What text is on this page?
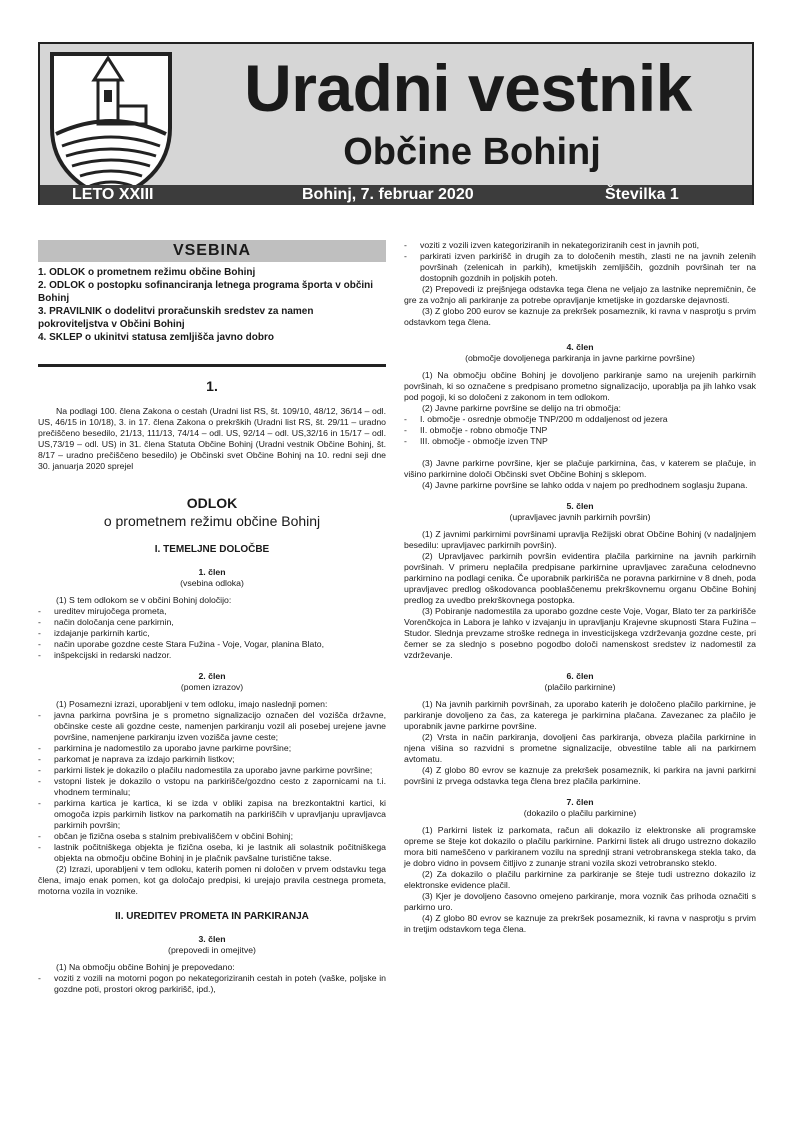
Uradni vestnik
Občine Bohinj
LETO XXIII	Bohinj, 7. februar 2020	Številka 1
VSEBINA
1. ODLOK o prometnem režimu občine Bohinj
2. ODLOK o postopku sofinanciranja letnega programa športa v občini Bohinj
3. PRAVILNIK o dodelitvi proračunskih sredstev za namen pokroviteljstva v Občini Bohinj
4. SKLEP o ukinitvi statusa zemljišča javno dobro
1.

Na podlagi 100. člena Zakona o cestah (Uradni list RS, št. 109/10, 48/12, 36/14 – odl. US, 46/15 in 10/18), 3. in 17. člena Zakona o prekrških (Uradni list RS, št. 29/11 – uradno prečiščeno besedilo, 21/13, 111/13, 74/14 – odl. US, 92/14 – odl. US,32/16 in 15/17 – odl. US,73/19 – odl. US) in 31. člena Statuta Občine Bohinj (Uradni vestnik Občine Bohinj, št. 8/17 – uradno prečiščeno besedilo) je Občinski svet Občine Bohinj na 10. redni seji dne 30. januarja 2020 sprejel

ODLOK
o prometnem režimu občine Bohinj
I. TEMELJNE DOLOČBE
1. člen
(vsebina odloka)

(1) S tem odlokom se v občini Bohinj določijo:

- ureditev mirujočega prometa,
- način določanja cene parkirnin,
- izdajanje parkirnih kartic,
- način uporabe gozdne ceste Stara Fužina - Voje, Vogar, planina Blato,
- inšpekcijski in redarski nadzor.
2. člen
(pomen izrazov)

(1) Posamezni izrazi, uporabljeni v tem odloku, imajo naslednji pomen:

- javna parkirna površina je s prometno signalizacijo označen del vozišča državne, občinske ceste ali gozdne ceste, namenjen parkiranju vozil ali posebej urejene javne površine, namenjene parkiranju izven vozišča javne ceste;
- parkirnina je nadomestilo za uporabo javne parkirne površine;
- parkomat je naprava za izdajo parkirnih listkov;
- parkirni listek je dokazilo o plačilu nadomestila za uporabo javne parkirne površine;
- vstopni listek je dokazilo o vstopu na parkirišče/gozdno cesto z zapornicami na t.i. vhodnem terminalu;
- parkirna kartica je kartica, ki se izda v obliki zapisa na brezkontaktni kartici, ki omogoča izpis parkirnih listkov na parkomatih na parkiriščih v upravljanju upravljavca parkirnih površin;
- občan je fizična oseba s stalnim prebivališčem v občini Bohinj;
- lastnik počitniškega objekta je fizična oseba, ki je lastnik ali solastnik počitniškega objekta na območju občine Bohinj in je plačnik pavšalne turistične takse.

(2) Izrazi, uporabljeni v tem odloku, katerih pomen ni določen v prvem odstavku tega člena, imajo enak pomen, kot ga določajo predpisi, ki urejajo pravila cestnega prometa, motorna vozila in voznike.

II. UREDITEV PROMETA IN PARKIRANJA
3. člen
(prepovedi in omejitve)

(1) Na območju občine Bohinj je prepovedano:

- voziti z vozili na motorni pogon po nekategoriziranih cestah in poteh (vaške, poljske in gozdne poti, prostori okrog parkirišč, ipd.),
- voziti z vozili izven kategoriziranih in nekategoriziranih cest in javnih poti,
- parkirati izven parkirišč in drugih za to določenih mestih, zlasti ne na javnih zelenih površinah (zelenicah in parkih), kmetijskih zemljiščih, gozdnih površinah ter na dostopnih gozdnih in poljskih poteh.

(2) Prepovedi iz prejšnjega odstavka tega člena ne veljajo za lastnike nepremičnin, če gre za vožnjo ali parkiranje za potrebe opravljanje kmetijske in gozdarske dejavnosti.

(3) Z globo 200 eurov se kaznuje za prekršek posameznik, ki ravna v nasprotju s prvim odstavkom tega člena.

4. člen
(območje dovoljenega parkiranja in javne parkirne površine)

(1) Na območju občine Bohinj je dovoljeno parkiranje samo na urejenih parkirnih površinah, ki so označene s predpisano prometno signalizacijo, uporablja pa jih lahko vsak pod pogoji, ki so določeni z zakonom in tem odlokom.

(2) Javne parkirne površine se delijo na tri območja:

- I. območje - osrednje območje TNP/200 m oddaljenost od jezera
- II. območje - robno območje TNP
- III. območje - območje izven TNP

(3) Javne parkirne površine, kjer se plačuje parkirnina, čas, v katerem se plačuje, in višino parkirnine določi Občinski svet Občine Bohinj s sklepom.

(4) Javne parkirne površine se lahko odda v najem po predhodnem soglasju župana.

5. člen
(upravljavec javnih parkirnih površin)

(1) Z javnimi parkirnimi površinami upravlja Režijski obrat Občine Bohinj (v nadaljnjem besedilu: upravljavec parkirnih površin).

(2) Upravljavec parkirnih površin evidentira plačila parkirnine na javnih parkirnih površinah. V primeru neplačila predpisane parkirnine upravljavec zaračuna celodnevno parkirnino na podlagi cenika. Če uporabnik parkirišča ne poravna parkirnine v 8 dneh, poda upravljavec predlog oškodovanca pooblaščenemu prekrškovnemu organu Občine Bohinj predlog za uvedbo prekrškovnega postopka.

(3) Pobiranje nadomestila za uporabo gozdne ceste Voje, Vogar, Blato ter za parkirišče Vorenčkojca in Labora je lahko v izvajanju in upravljanju Krajevne skupnosti Stara Fužina – Studor. Slednja prevzame stroške rednega in investicijskega vzdrževanja gozdne ceste, pri čemer se za slednjo s posebno pogodbo določi namenskost sredstev iz nadomestil za vzdrževanje.

6. člen
(plačilo parkirnine)

(1) Na javnih parkirnih površinah, za uporabo katerih je določeno plačilo parkirnine, je parkiranje dovoljeno za čas, za katerega je parkirnina plačana. Zavezanec za plačilo je uporabnik javne parkirne površine.

(2) Vrsta in način parkiranja, dovoljeni čas parkiranja, obveza plačila parkirnine in njena višina so razvidni s prometne signalizacije, obvestilne table ali na parkirnem avtomatu.

(4) Z globo 80 evrov se kaznuje za prekršek posameznik, ki parkira na javni parkirni površini iz prvega odstavka tega člena brez plačila parkirnine.

7. člen
(dokazilo o plačilu parkirnine)

(1) Parkirni listek iz parkomata, račun ali dokazilo iz elektronske ali programske opreme se šteje kot dokazilo o plačilu parkirnine. Parkirni listek ali drugo ustrezno dokazilo mora biti nameščeno v parkiranem vozilu na sprednji strani vetrobranskega stekla tako, da je dobro vidno in povsem čitljivo z zunanje strani vozila skozi vetrobransko steklo.

(2) Za dokazilo o plačilu parkirnine za parkiranje se šteje tudi ustrezno dokazilo iz elektronske evidence plačil.

(3) Kjer je dovoljeno časovno omejeno parkiranje, mora voznik čas prihoda označiti s parkirno uro.

(4) Z globo 80 evrov se kaznuje za prekršek posameznik, ki ravna v nasprotju s prvim in tretjim odstavkom tega člena.
